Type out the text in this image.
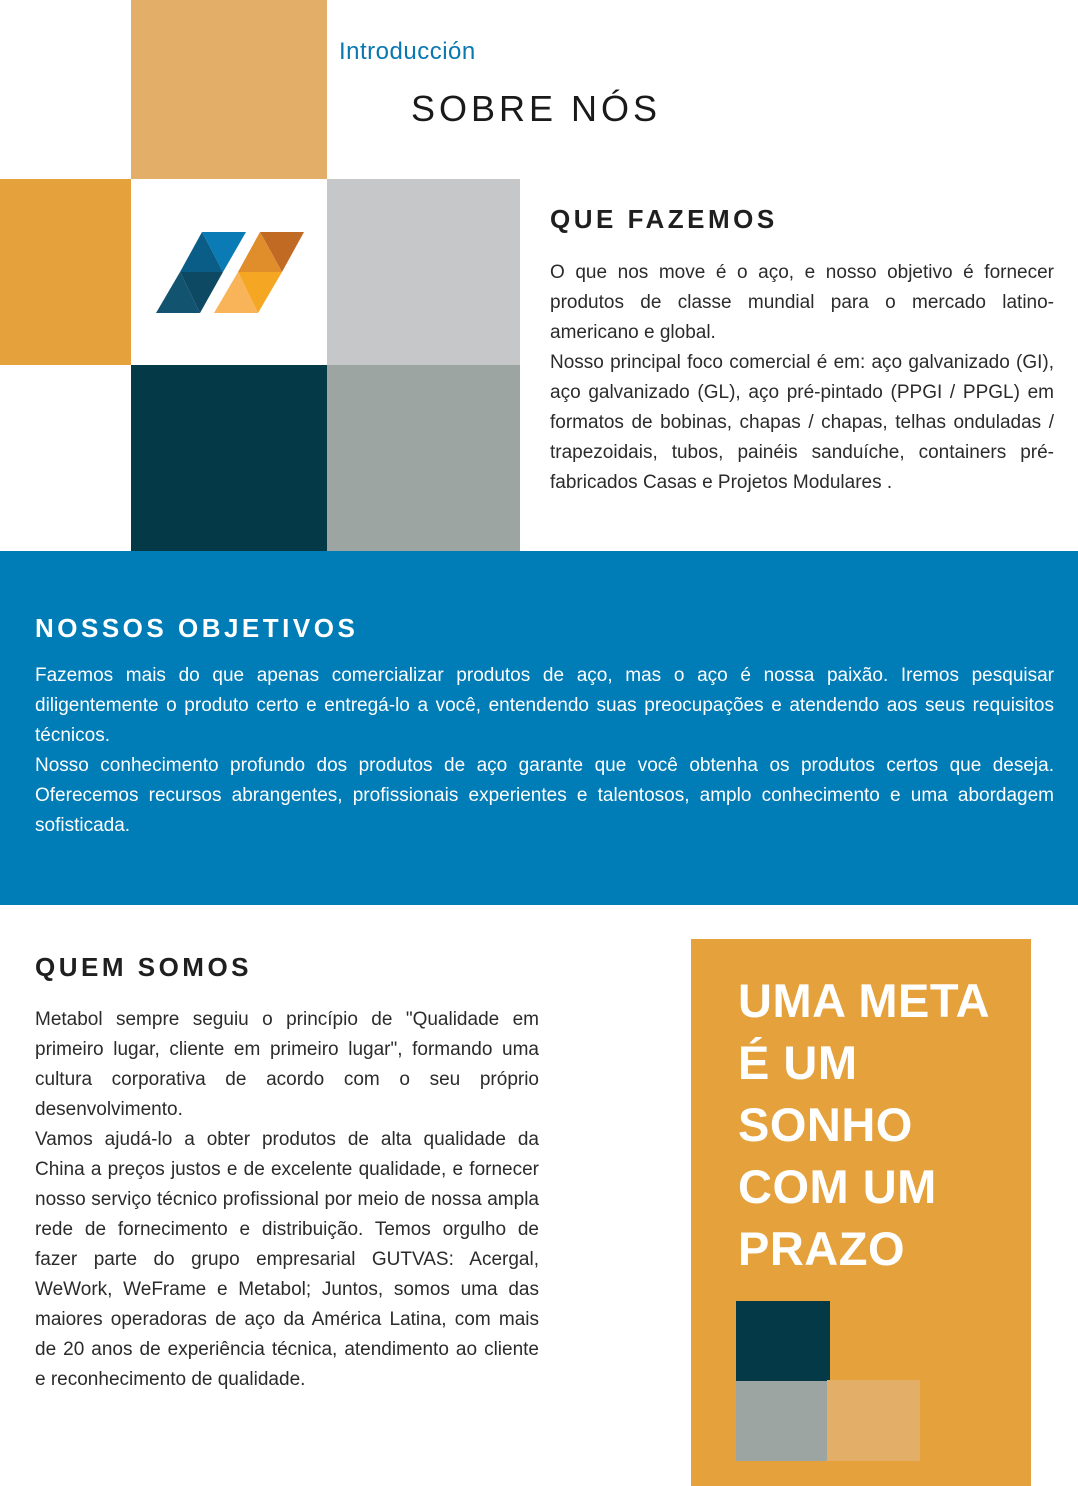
Introducción
SOBRE NÓS
QUE FAZEMOS

O que nos move é o aço, e nosso objetivo é fornecer produtos de classe mundial para o mercado latino-americano e global.

Nosso principal foco comercial é em: aço galvanizado (GI), aço galvanizado (GL), aço pré-pintado (PPGI / PPGL) em formatos de bobinas, chapas / chapas, telhas onduladas / trapezoidais, tubos, painéis sanduíche, containers pré-fabricados Casas e Projetos Modulares .

NOSSOS OBJETIVOS

Fazemos mais do que apenas comercializar produtos de aço, mas o aço é nossa paixão. Iremos pesquisar diligentemente o produto certo e entregá-lo a você, entendendo suas preocupações e atendendo aos seus requisitos técnicos.

Nosso conhecimento profundo dos produtos de aço garante que você obtenha os produtos certos que deseja. Oferecemos recursos abrangentes, profissionais experientes e talentosos, amplo conhecimento e uma abordagem sofisticada.

QUEM SOMOS

Metabol sempre seguiu o princípio de "Qualidade em primeiro lugar, cliente em primeiro lugar", formando uma cultura corporativa de acordo com o seu próprio desenvolvimento.

Vamos ajudá-lo a obter produtos de alta qualidade da China a preços justos e de excelente qualidade, e fornecer nosso serviço técnico profissional por meio de nossa ampla rede de fornecimento e distribuição. Temos orgulho de fazer parte do grupo empresarial GUTVAS: Acergal, WeWork, WeFrame e Metabol; Juntos, somos uma das maiores operadoras de aço da América Latina, com mais de 20 anos de experiência técnica, atendimento ao cliente e reconhecimento de qualidade.

UMA META
É UM
SONHO
COM UM
PRAZO
